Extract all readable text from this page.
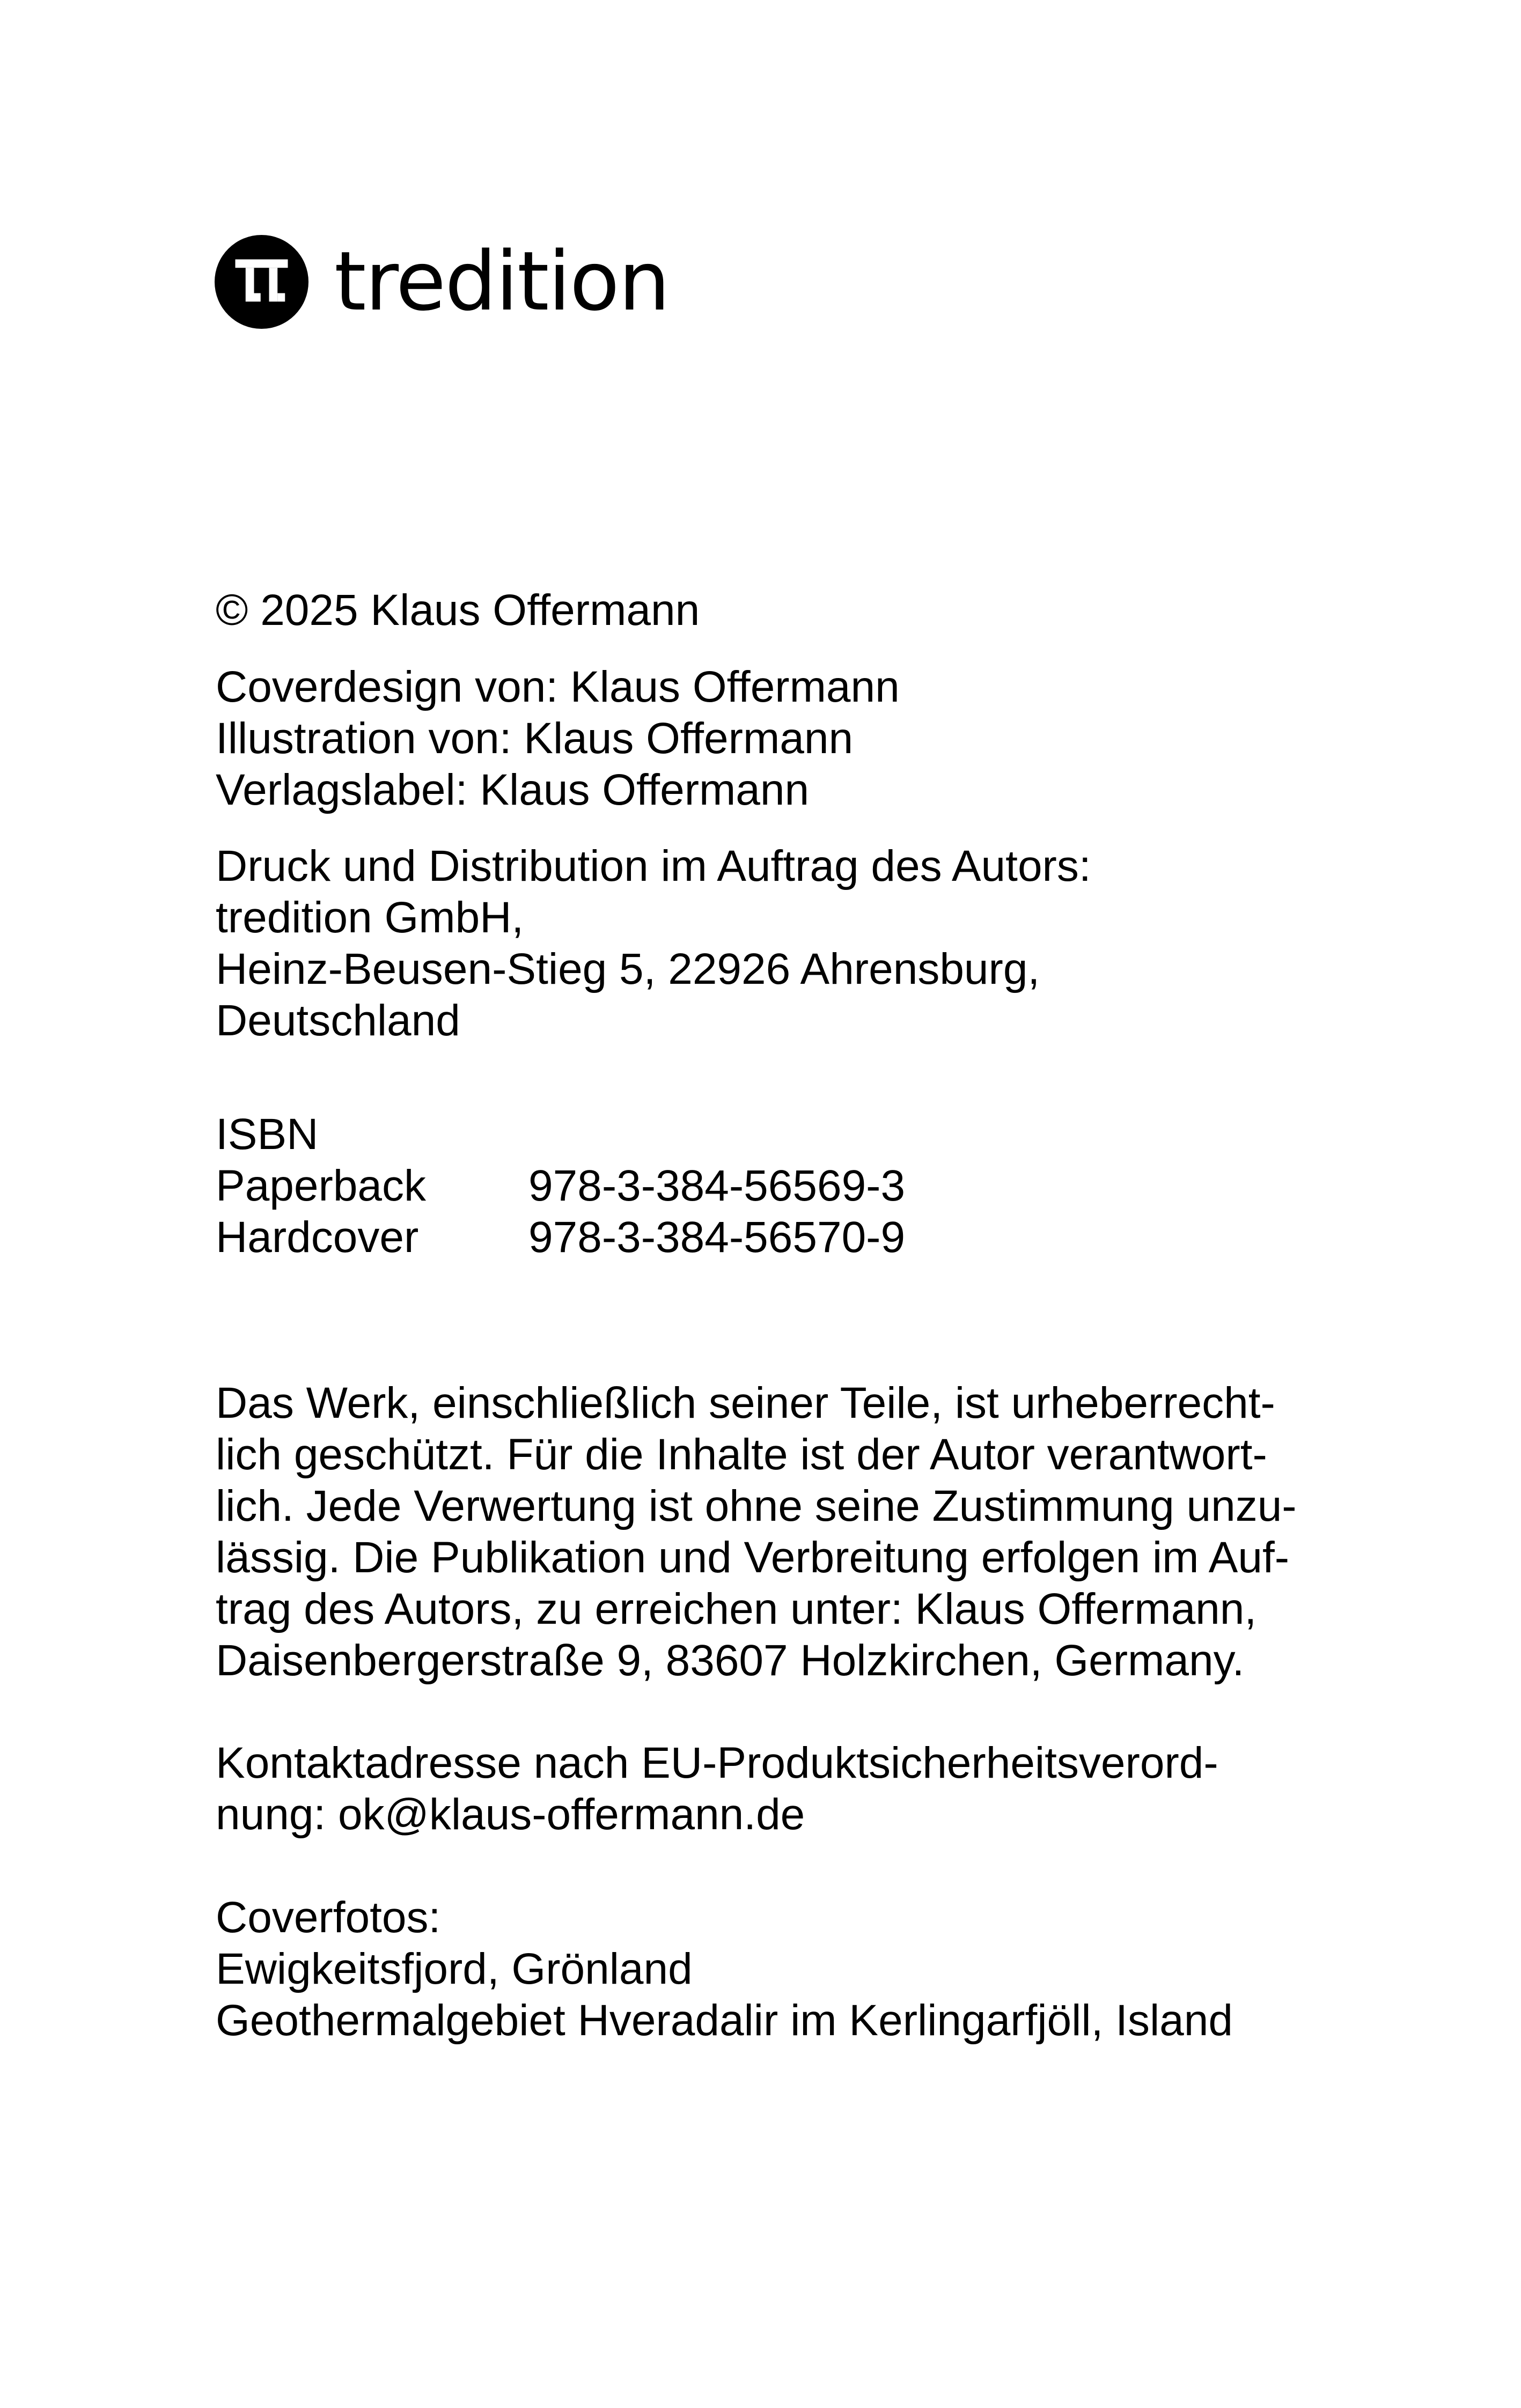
tredition
© 2025 Klaus Offermann
Coverdesign von: Klaus Offermann
Illustration von: Klaus Offermann
Verlagslabel: Klaus Offermann
Druck und Distribution im Auftrag des Autors:
tredition GmbH,
Heinz-Beusen-Stieg 5, 22926 Ahrensburg,
Deutschland
ISBN
Paperback	978-3-384-56569-3
Hardcover	978-3-384-56570-9
Das Werk, einschließlich seiner Teile, ist urheberrecht-
lich geschützt. Für die Inhalte ist der Autor verantwort-
lich. Jede Verwertung ist ohne seine Zustimmung unzu-
lässig. Die Publikation und Verbreitung erfolgen im Auf-
trag des Autors, zu erreichen unter: Klaus Offermann,
Daisenbergerstraße 9, 83607 Holzkirchen, Germany.
Kontaktadresse nach EU-Produktsicherheitsverord-
nung: ok@klaus-offermann.de
Coverfotos:
Ewigkeitsfjord, Grönland
Geothermalgebiet Hveradalir im Kerlingarfjöll, Island
